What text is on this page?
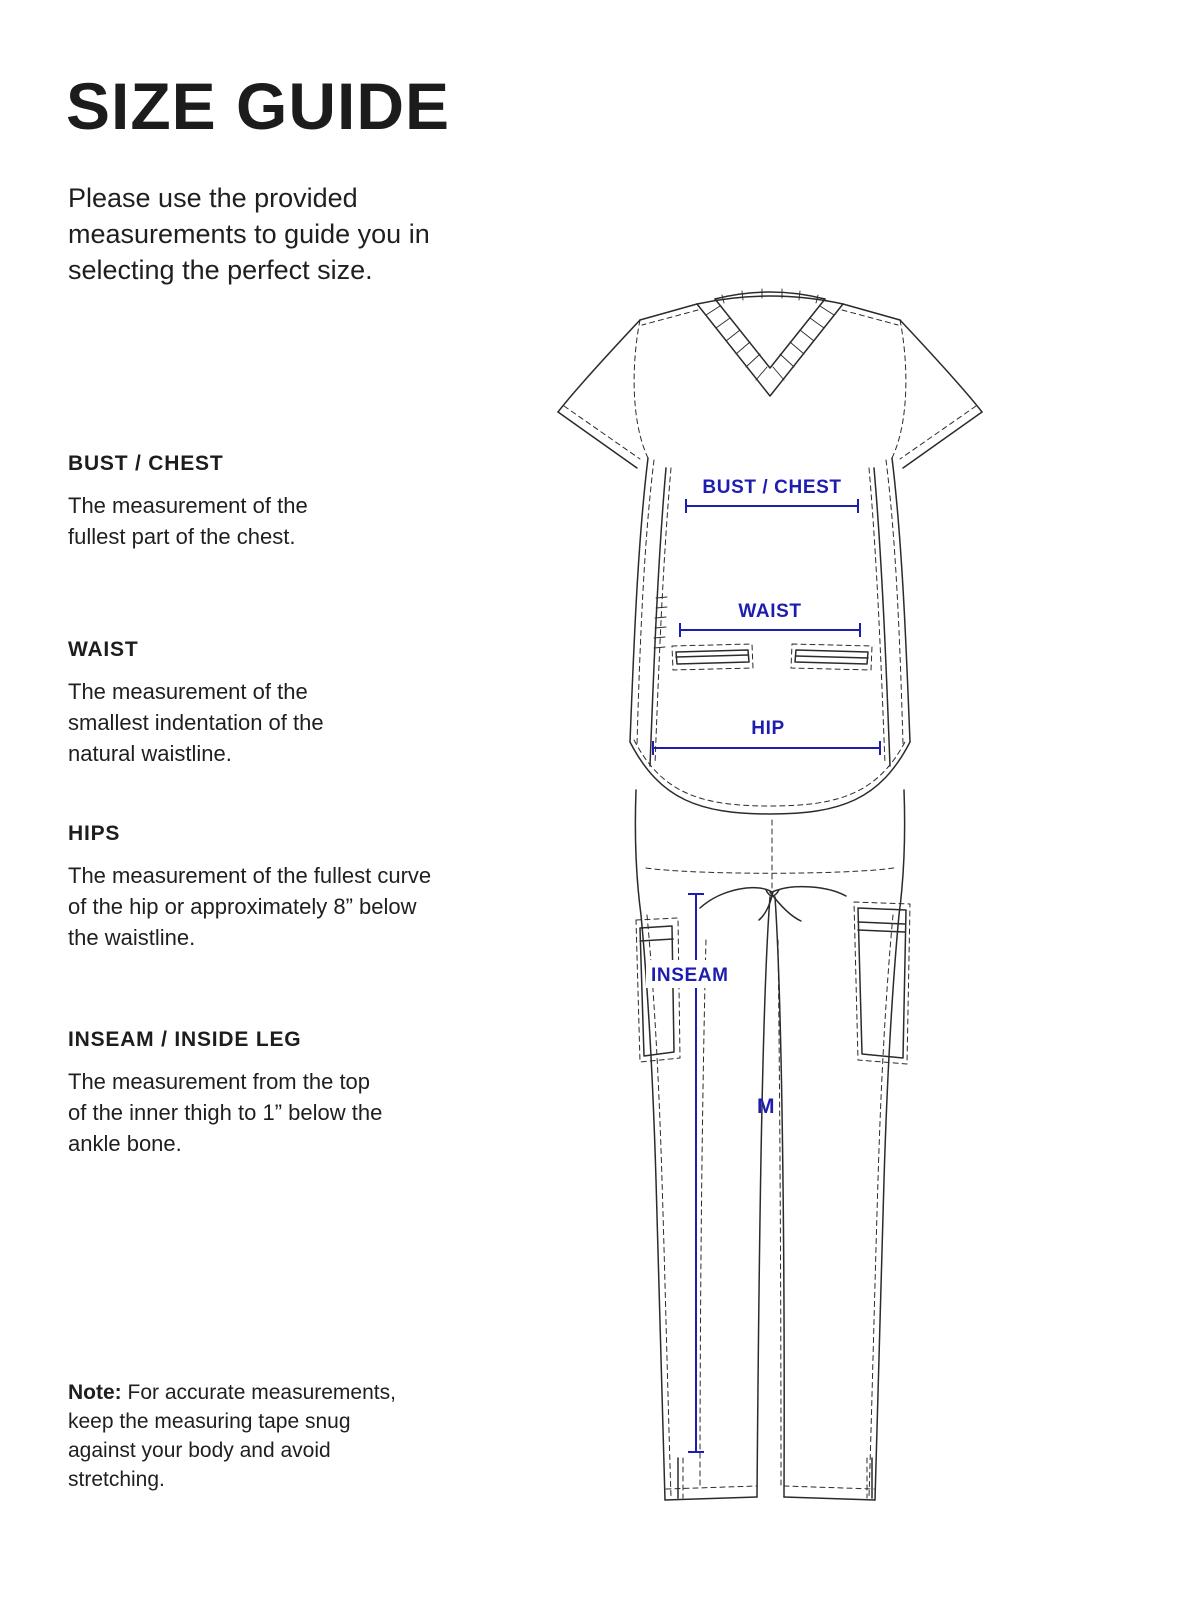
SIZE GUIDE
Please use the provided measurements to guide you in selecting the perfect size.
BUST / CHEST

The measurement of the fullest part of the chest.

WAIST

The measurement of the smallest indentation of the natural waistline.

HIPS

The measurement of the fullest curve of the hip or approximately 8” below the waistline.

INSEAM / INSIDE LEG

The measurement from the top of the inner thigh to 1” below the ankle bone.

Note: For accurate measurements, keep the measuring tape snug against your body and avoid stretching.
BUST / CHEST
WAIST
HIP
INSEAM
M
